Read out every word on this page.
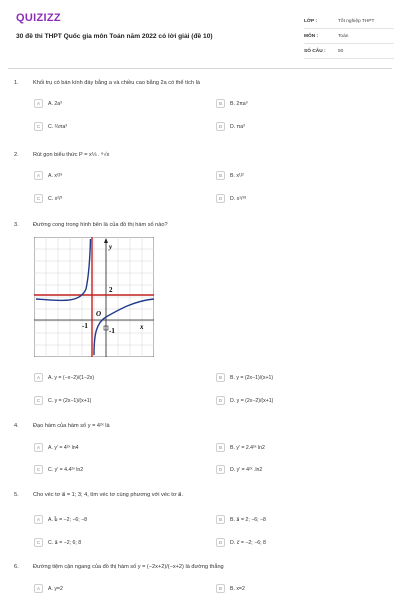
QUIZIZZ
30 đề thi THPT Quốc gia môn Toán năm 2022 có lời giải (đề 10)
LỚP :	Tốt nghiệp THPT
MÔN :	Toán
SỐ CÂU :	50
1.	Khối trụ có bán kính đáy bằng a và chiều cao bằng 2a có thể tích là
A	A. 2a³	B	B. 2πa³
C	C. ⅔πa³	D	D. πa³
2.	Rút gọn biểu thức P = x⅓ . ⁶√x
A	A. x²/⁹	B	B. x¹/²
C	C. x²/³	D	D. x¹/¹⁸
3.	Đường cong trong hình bên là của đồ thị hàm số nào?
y
x
2
O
-1
-1
A	A. y = (−x−2)/(1−2x)	B	B. y = (2x−1)/(x+1)
C	C. y = (2x−1)/(x+1)	D	D. y = (2x−2)/(x+1)
4.	Đạo hàm của hàm số y = 4²ˣ là
A	A. y' = 4²ˣ ln4	B	B. y' = 2.4²ˣ ln2
C	C. y' = 4.4²ˣ ln2	D	D. y' = 4²ˣ .ln2
5.	Cho véc tơ a⃗ = 1; 3; 4, tìm véc tơ cùng phương với véc tơ a⃗.
A	A. b⃗ = −2; −6; −8	B	B. a⃗ = 2; −6; −8
C	C. a⃗ = −2; 6; 8	D	D. c⃗ = −2; −6; 8
6.	Đường tiệm cận ngang của đồ thị hàm số y = (−2x+2)/(−x+2) là đường thẳng
A	A. y=2	B	B. x=2
